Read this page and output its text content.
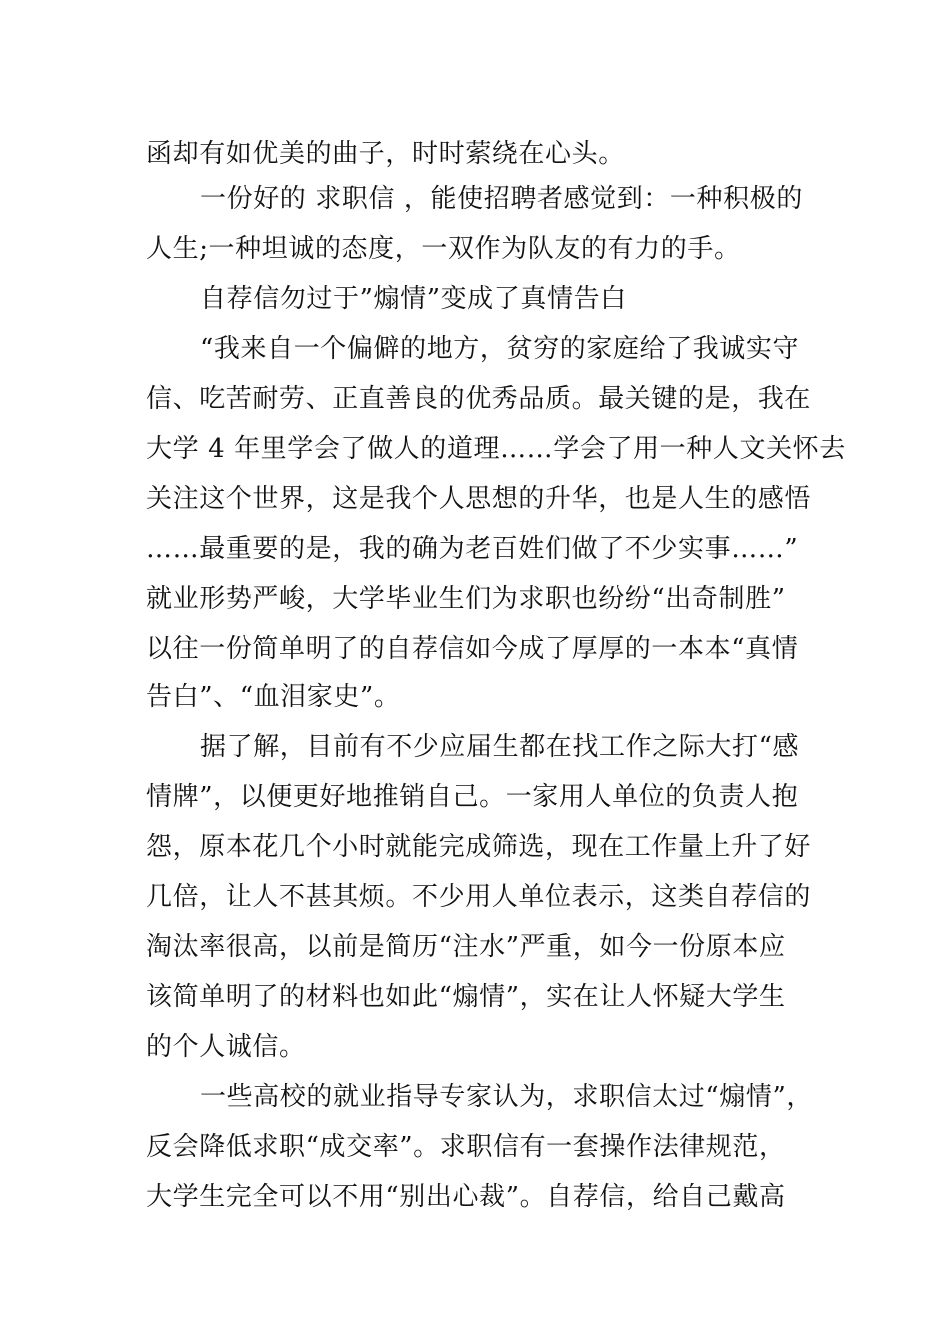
函却有如优美的曲子，时时萦绕在心头。
一份好的 求职信 ，能使招聘者感觉到：一种积极的
人生;一种坦诚的态度，一双作为队友的有力的手。
自荐信勿过于”煽情”变成了真情告白
“我来自一个偏僻的地方，贫穷的家庭给了我诚实守
信、吃苦耐劳、正直善良的优秀品质。最关键的是，我在
大学 4 年里学会了做人的道理……学会了用一种人文关怀去
关注这个世界，这是我个人思想的升华，也是人生的感悟
……最重要的是，我的确为老百姓们做了不少实事……”
就业形势严峻，大学毕业生们为求职也纷纷“出奇制胜”
以往一份简单明了的自荐信如今成了厚厚的一本本“真情
告白”、“血泪家史”。
据了解，目前有不少应届生都在找工作之际大打“感
情牌”，以便更好地推销自己。一家用人单位的负责人抱
怨，原本花几个小时就能完成筛选，现在工作量上升了好
几倍，让人不甚其烦。不少用人单位表示，这类自荐信的
淘汰率很高，以前是简历“注水”严重，如今一份原本应
该简单明了的材料也如此“煽情”，实在让人怀疑大学生
的个人诚信。
一些高校的就业指导专家认为，求职信太过“煽情”，
反会降低求职“成交率”。求职信有一套操作法律规范，
大学生完全可以不用“别出心裁”。自荐信，给自己戴高
